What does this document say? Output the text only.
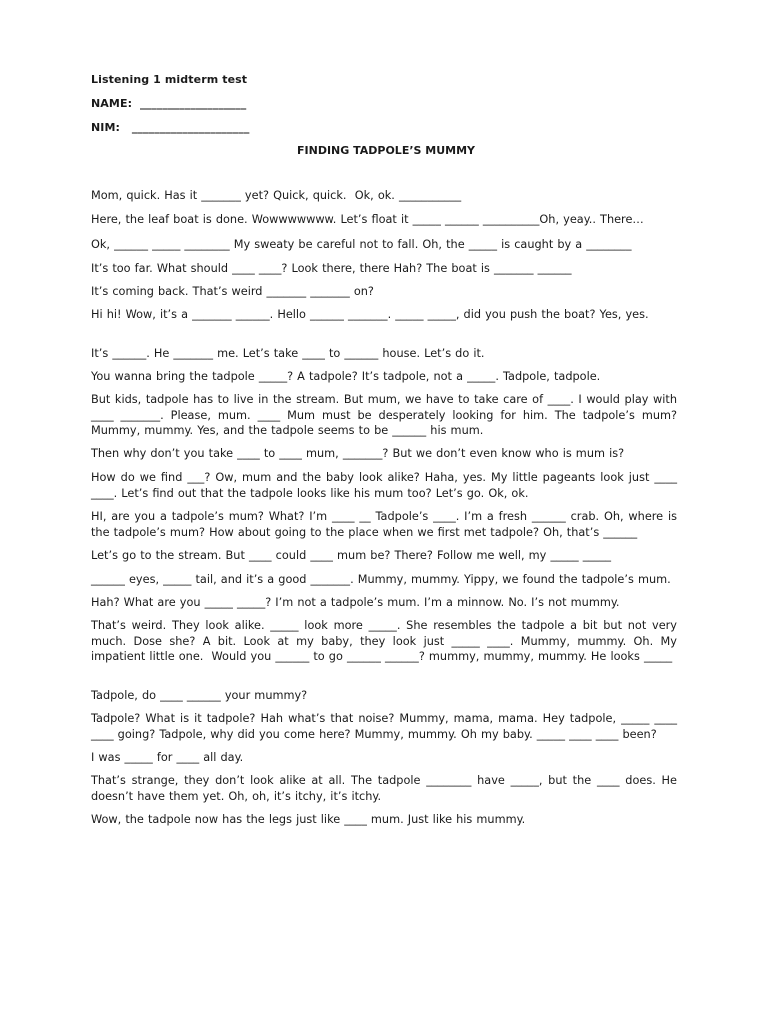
Listening 1 midterm test
NAME:  ___________________
NIM:   _____________________
FINDING TADPOLE’S MUMMY
Mom, quick. Has it _______ yet? Quick, quick.  Ok, ok. ___________
Here, the leaf boat is done. Wowwwwwww. Let’s float it _____ ______ __________Oh, yeay.. There…
Ok, ______ _____ ________ My sweaty be careful not to fall. Oh, the _____ is caught by a ________
It’s too far. What should ____ ____? Look there, there Hah? The boat is _______ ______
It’s coming back. That’s weird _______ _______ on?
Hi hi! Wow, it’s a _______ ______. Hello ______ _______. _____ _____, did you push the boat? Yes, yes.
It’s ______. He _______ me. Let’s take ____ to ______ house. Let’s do it.
You wanna bring the tadpole _____? A tadpole? It’s tadpole, not a _____. Tadpole, tadpole.
But kids, tadpole has to live in the stream. But mum, we have to take care of ____. I would play with ____ _______. Please, mum. ____ Mum must be desperately looking for him. The tadpole’s mum? Mummy, mummy. Yes, and the tadpole seems to be ______ his mum.
Then why don’t you take ____ to ____ mum, _______? But we don’t even know who is mum is?
How do we find ___? Ow, mum and the baby look alike? Haha, yes. My little pageants look just ____ ____. Let’s find out that the tadpole looks like his mum too? Let’s go. Ok, ok.
HI, are you a tadpole’s mum? What? I’m ____ __ Tadpole’s ____. I’m a fresh ______ crab. Oh, where is the tadpole’s mum? How about going to the place when we first met tadpole? Oh, that’s ______
Let’s go to the stream. But ____ could ____ mum be? There? Follow me well, my _____ _____
______ eyes, _____ tail, and it’s a good _______. Mummy, mummy. Yippy, we found the tadpole’s mum.
Hah? What are you _____ _____? I’m not a tadpole’s mum. I’m a minnow. No. I’s not mummy.
That’s weird. They look alike. _____ look more _____. She resembles the tadpole a bit but not very much. Dose she? A bit. Look at my baby, they look just _____ ____. Mummy, mummy. Oh. My impatient little one.  Would you ______ to go ______ ______? mummy, mummy, mummy. He looks _____
Tadpole, do ____ ______ your mummy?
Tadpole? What is it tadpole? Hah what’s that noise? Mummy, mama, mama. Hey tadpole, _____ ____ ____ going? Tadpole, why did you come here? Mummy, mummy. Oh my baby. _____ ____ ____ been?
I was _____ for ____ all day.
That’s strange, they don’t look alike at all. The tadpole ________ have _____, but the ____ does. He doesn’t have them yet. Oh, oh, it’s itchy, it’s itchy.
Wow, the tadpole now has the legs just like ____ mum. Just like his mummy.
